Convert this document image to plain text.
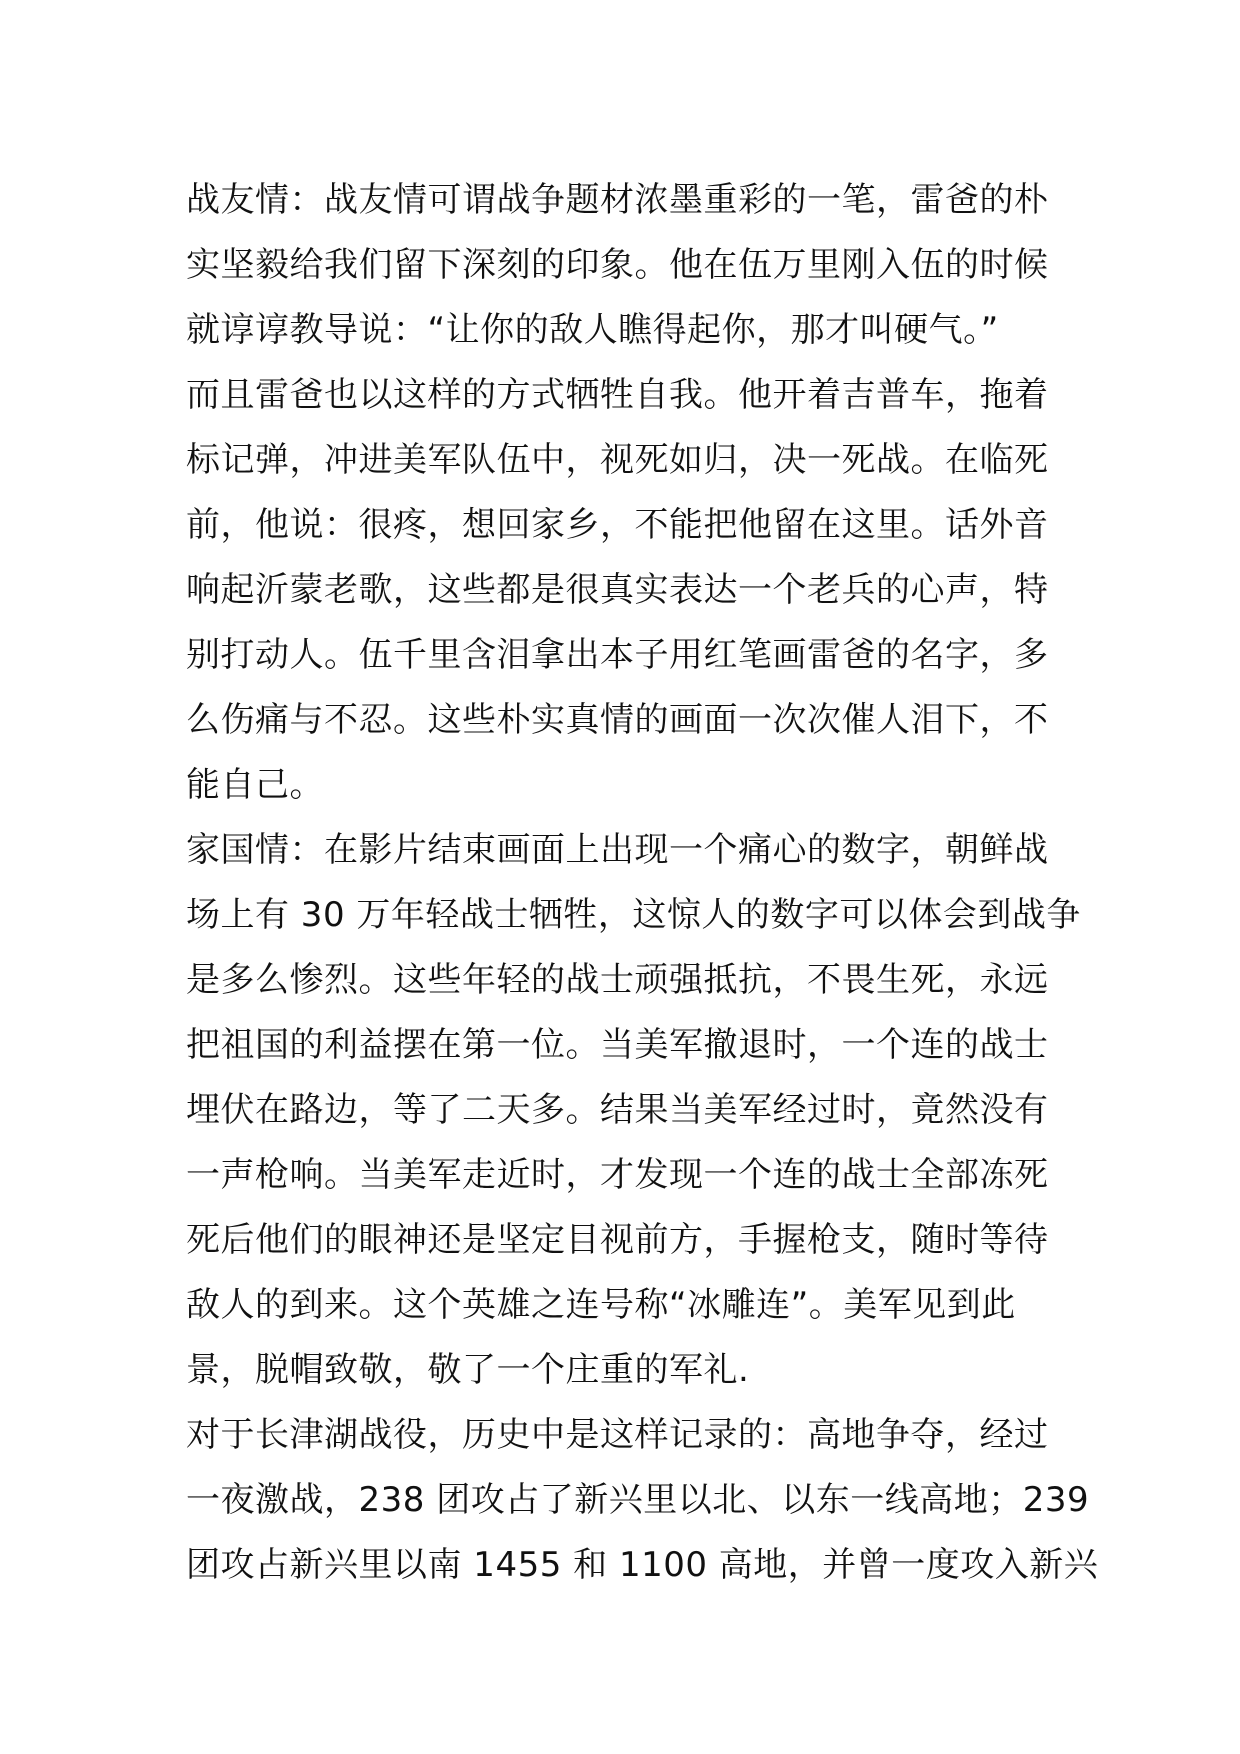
战友情：战友情可谓战争题材浓墨重彩的一笔，雷爸的朴
实坚毅给我们留下深刻的印象。他在伍万里刚入伍的时候
就谆谆教导说：“让你的敌人瞧得起你，那才叫硬气。”
而且雷爸也以这样的方式牺牲自我。他开着吉普车，拖着
标记弹，冲进美军队伍中，视死如归，决一死战。在临死
前，他说：很疼，想回家乡，不能把他留在这里。话外音
响起沂蒙老歌，这些都是很真实表达一个老兵的心声，特
别打动人。伍千里含泪拿出本子用红笔画雷爸的名字，多
么伤痛与不忍。这些朴实真情的画面一次次催人泪下，不
能自己。
家国情：在影片结束画面上出现一个痛心的数字，朝鲜战
场上有 30 万年轻战士牺牲，这惊人的数字可以体会到战争
是多么惨烈。这些年轻的战士顽强抵抗，不畏生死，永远
把祖国的利益摆在第一位。当美军撤退时，一个连的战士
埋伏在路边，等了二天多。结果当美军经过时，竟然没有
一声枪响。当美军走近时，才发现一个连的战士全部冻死
死后他们的眼神还是坚定目视前方，手握枪支，随时等待
敌人的到来。这个英雄之连号称“冰雕连”。美军见到此
景，脱帽致敬，敬了一个庄重的军礼.
对于长津湖战役，历史中是这样记录的：高地争夺，经过
一夜激战，238 团攻占了新兴里以北、以东一线高地；239
团攻占新兴里以南 1455 和 1100 高地，并曾一度攻入新兴
